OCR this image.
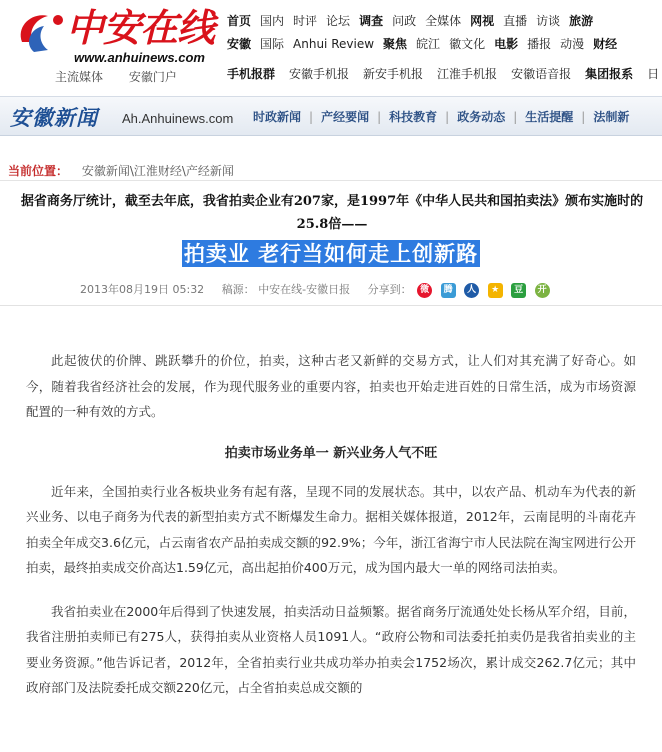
中安在线
www.anhuinews.com
主流媒体 安徽门户
首页 国内 时评 论坛 调查 问政 全媒体 网视 直播 访谈 旅游
安徽 国际 Anhui Review 聚焦 皖江 徽文化 电影 播报 动漫 财经
手机报群 安徽手机报 新安手机报 江淮手机报 安徽语音报 集团报系 日
安徽新闻 Ah.Anhuinews.com 时政新闻 | 产经要闻 | 科技教育 | 政务动态 | 生活提醒 | 法制新
当前位置： 安徽新闻\江淮财经\产经新闻
据省商务厅统计，截至去年底，我省拍卖企业有207家，是1997年《中华人民共和国拍卖法》颁布实施时的25.8倍——
拍卖业 老行当如何走上创新路
2013年08月19日 05:32 稿源： 中安在线-安徽日报 分享到： 微 腾 人 ★ 豆 开

此起彼伏的价牌、跳跃攀升的价位，拍卖，这种古老又新鲜的交易方式，让人们对其充满了好奇心。如今，随着我省经济社会的发展，作为现代服务业的重要内容，拍卖也开始走进百姓的日常生活，成为市场资源配置的一种有效的方式。

拍卖市场业务单一 新兴业务人气不旺

近年来，全国拍卖行业各板块业务有起有落，呈现不同的发展状态。其中，以农产品、机动车为代表的新兴业务、以电子商务为代表的新型拍卖方式不断爆发生命力。据相关媒体报道，2012年，云南昆明的斗南花卉拍卖全年成交3.6亿元，占云南省农产品拍卖成交额的92.9%；今年，浙江省海宁市人民法院在淘宝网进行公开拍卖，最终拍卖成交价高达1.59亿元，高出起拍价400万元，成为国内最大一单的网络司法拍卖。

我省拍卖业在2000年后得到了快速发展，拍卖活动日益频繁。据省商务厅流通处处长杨从军介绍，目前，我省注册拍卖师已有275人，获得拍卖从业资格人员1091人。“政府公物和司法委托拍卖仍是我省拍卖业的主要业务资源。”他告诉记者，2012年，全省拍卖行业共成功举办拍卖会1752场次，累计成交262.7亿元；其中政府部门及法院委托成交额220亿元，占全省拍卖总成交额的
